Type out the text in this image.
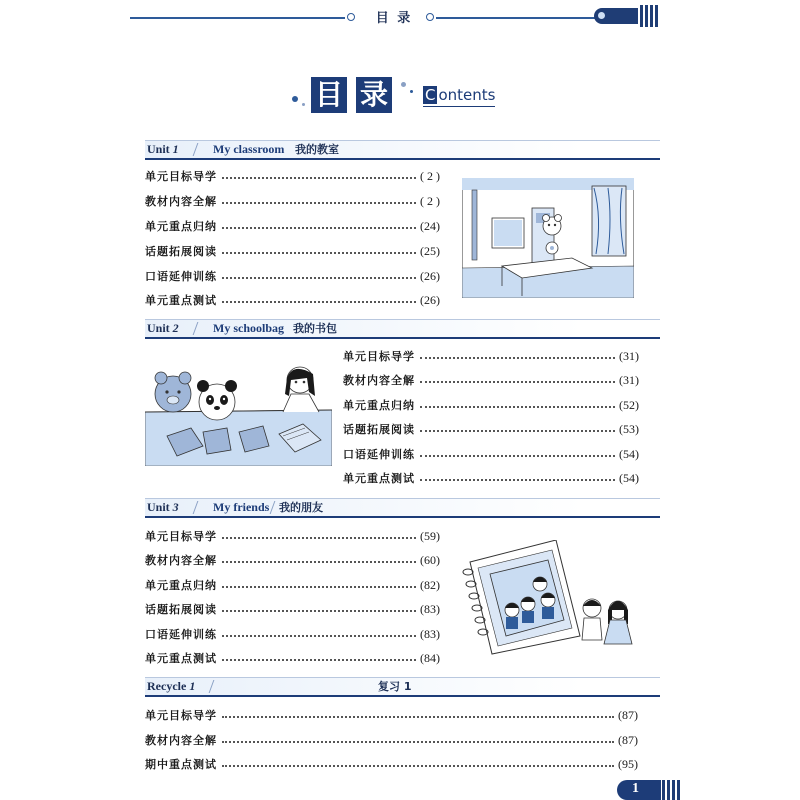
目 录
目 录 C ontents
Unit 1	My classroom 我的教室
单元目标导学	( 2 )
教材内容全解	( 2 )
单元重点归纳	(24)
话题拓展阅读	(25)
口语延伸训练	(26)
单元重点测试	(26)
Unit 2	My schoolbag 我的书包
单元目标导学	(31)
教材内容全解	(31)
单元重点归纳	(52)
话题拓展阅读	(53)
口语延伸训练	(54)
单元重点测试	(54)
Unit 3	My friends 我的朋友
单元目标导学	(59)
教材内容全解	(60)
单元重点归纳	(82)
话题拓展阅读	(83)
口语延伸训练	(83)
单元重点测试	(84)
Recycle 1	复习 1
单元目标导学	(87)
教材内容全解	(87)
期中重点测试	(95)
1
